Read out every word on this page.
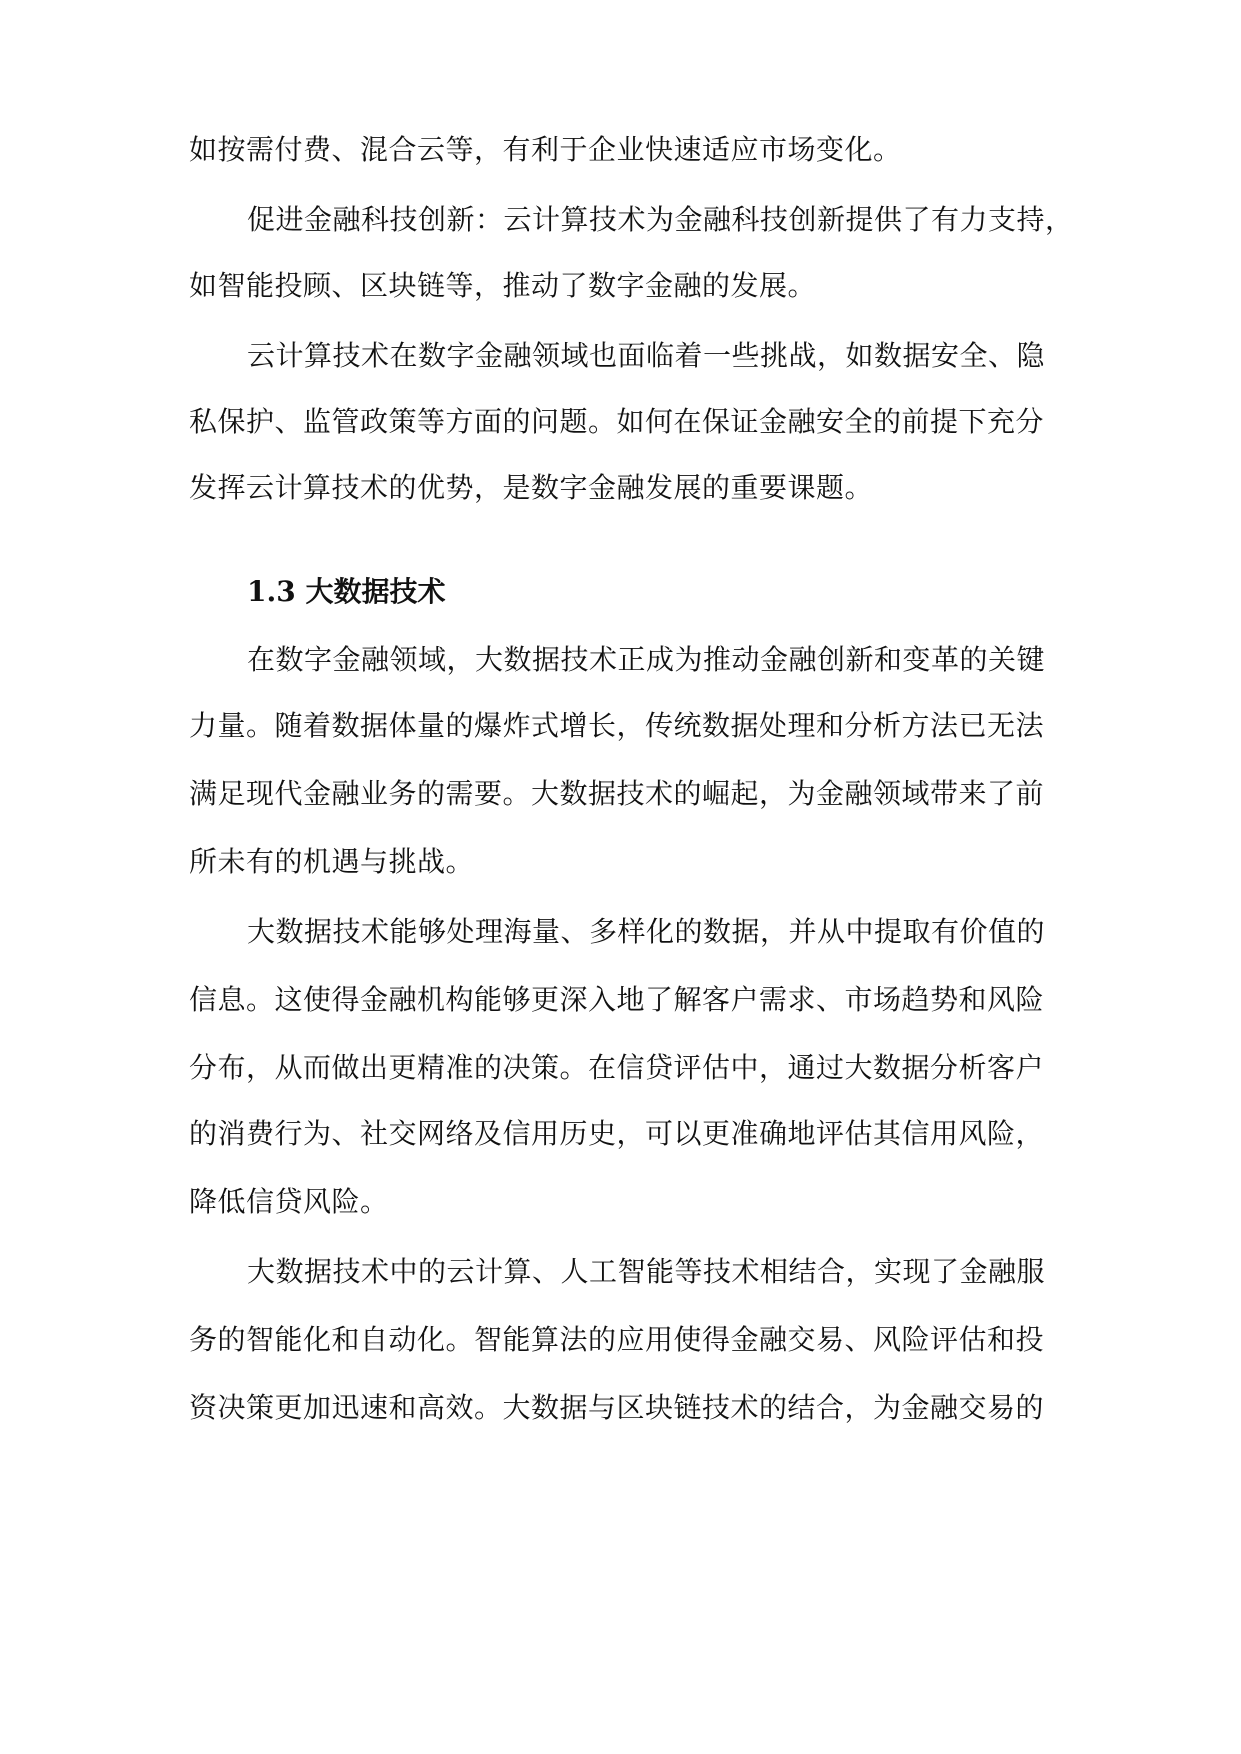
如按需付费、混合云等，有利于企业快速适应市场变化。
促进金融科技创新：云计算技术为金融科技创新提供了有力支持，
如智能投顾、区块链等，推动了数字金融的发展。
云计算技术在数字金融领域也面临着一些挑战，如数据安全、隐
私保护、监管政策等方面的问题。如何在保证金融安全的前提下充分
发挥云计算技术的优势，是数字金融发展的重要课题。
1.3 大数据技术
在数字金融领域，大数据技术正成为推动金融创新和变革的关键
力量。随着数据体量的爆炸式增长，传统数据处理和分析方法已无法
满足现代金融业务的需要。大数据技术的崛起，为金融领域带来了前
所未有的机遇与挑战。
大数据技术能够处理海量、多样化的数据，并从中提取有价值的
信息。这使得金融机构能够更深入地了解客户需求、市场趋势和风险
分布，从而做出更精准的决策。在信贷评估中，通过大数据分析客户
的消费行为、社交网络及信用历史，可以更准确地评估其信用风险，
降低信贷风险。
大数据技术中的云计算、人工智能等技术相结合，实现了金融服
务的智能化和自动化。智能算法的应用使得金融交易、风险评估和投
资决策更加迅速和高效。大数据与区块链技术的结合，为金融交易的
